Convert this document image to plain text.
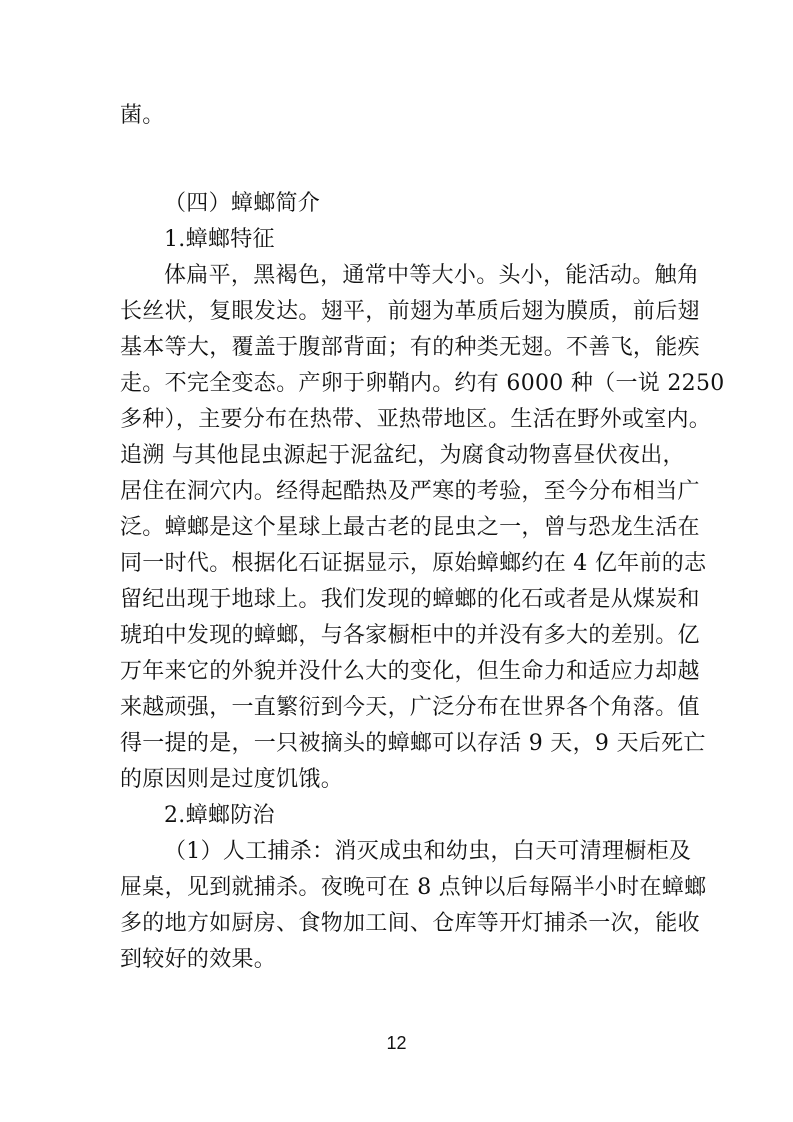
菌。
（四）蟑螂简介
1.蟑螂特征
体扁平，黑褐色，通常中等大小。头小，能活动。触角
长丝状，复眼发达。翅平，前翅为革质后翅为膜质，前后翅
基本等大，覆盖于腹部背面；有的种类无翅。不善飞，能疾
走。不完全变态。产卵于卵鞘内。约有 6000 种（一说 2250
多种），主要分布在热带、亚热带地区。生活在野外或室内。
追溯 与其他昆虫源起于泥盆纪，为腐食动物喜昼伏夜出，
居住在洞穴内。经得起酷热及严寒的考验，至今分布相当广
泛。蟑螂是这个星球上最古老的昆虫之一，曾与恐龙生活在
同一时代。根据化石证据显示，原始蟑螂约在 4 亿年前的志
留纪出现于地球上。我们发现的蟑螂的化石或者是从煤炭和
琥珀中发现的蟑螂，与各家橱柜中的并没有多大的差别。亿
万年来它的外貌并没什么大的变化，但生命力和适应力却越
来越顽强，一直繁衍到今天，广泛分布在世界各个角落。值
得一提的是，一只被摘头的蟑螂可以存活 9 天，9 天后死亡
的原因则是过度饥饿。
2.蟑螂防治
（1）人工捕杀：消灭成虫和幼虫，白天可清理橱柜及
屉桌，见到就捕杀。夜晚可在 8 点钟以后每隔半小时在蟑螂
多的地方如厨房、食物加工间、仓库等开灯捕杀一次，能收
到较好的效果。
12
